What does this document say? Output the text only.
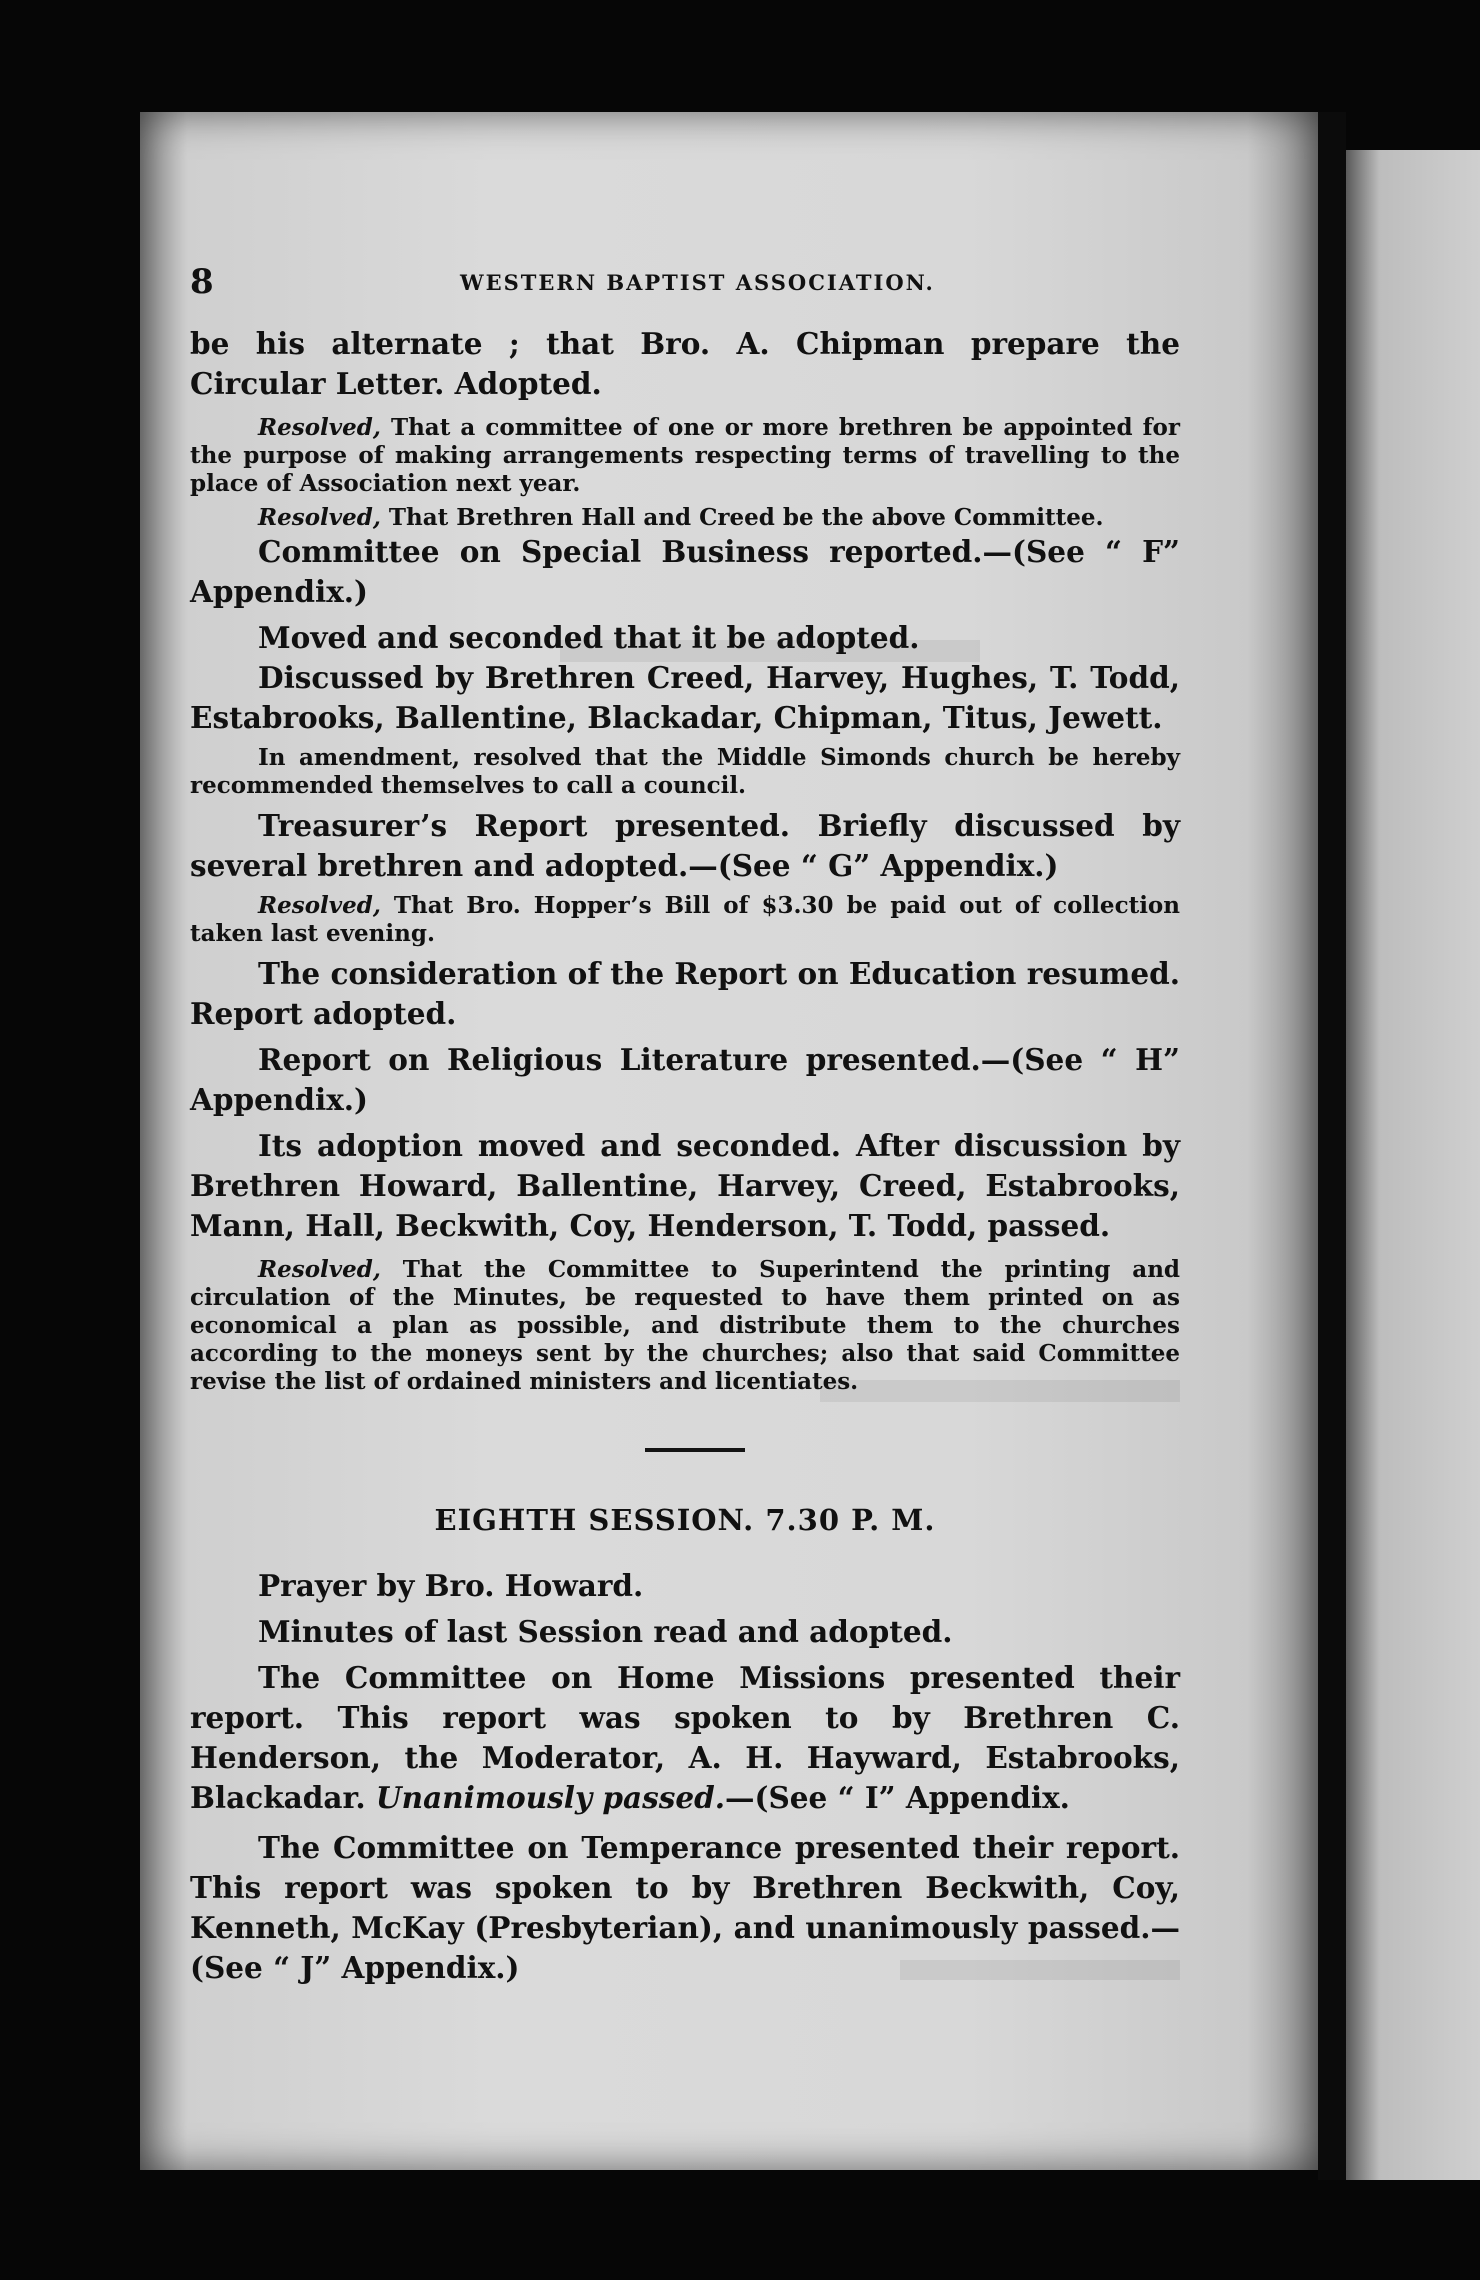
8	WESTERN BAPTIST ASSOCIATION.

be his alternate ; that Bro. A. Chipman prepare the Circular Letter. Adopted.

Resolved, That a committee of one or more brethren be appointed for the purpose of making arrangements respecting terms of travelling to the place of Association next year.

Resolved, That Brethren Hall and Creed be the above Committee.

Committee on Special Business reported.—(See “ F” Appendix.)

Moved and seconded that it be adopted.

Discussed by Brethren Creed, Harvey, Hughes, T. Todd, Estabrooks, Ballentine, Blackadar, Chipman, Titus, Jewett.

In amendment, resolved that the Middle Simonds church be hereby recommended themselves to call a council.

Treasurer’s Report presented. Briefly discussed by several brethren and adopted.—(See “ G” Appendix.)

Resolved, That Bro. Hopper’s Bill of $3.30 be paid out of collection taken last evening.

The consideration of the Report on Education resumed. Report adopted.

Report on Religious Literature presented.—(See “ H” Appendix.)

Its adoption moved and seconded. After discussion by Brethren Howard, Ballentine, Harvey, Creed, Estabrooks, Mann, Hall, Beckwith, Coy, Henderson, T. Todd, passed.

Resolved, That the Committee to Superintend the printing and circulation of the Minutes, be requested to have them printed on as economical a plan as possible, and distribute them to the churches according to the moneys sent by the churches; also that said Committee revise the list of ordained ministers and licentiates.

EIGHTH SESSION. 7.30 P. M.

Prayer by Bro. Howard.

Minutes of last Session read and adopted.

The Committee on Home Missions presented their report. This report was spoken to by Brethren C. Henderson, the Moderator, A. H. Hayward, Estabrooks, Blackadar. Unanimously passed.—(See “ I” Appendix.

The Committee on Temperance presented their report. This report was spoken to by Brethren Beckwith, Coy, Kenneth, McKay (Presbyterian), and unanimously passed.—(See “ J” Appendix.)
